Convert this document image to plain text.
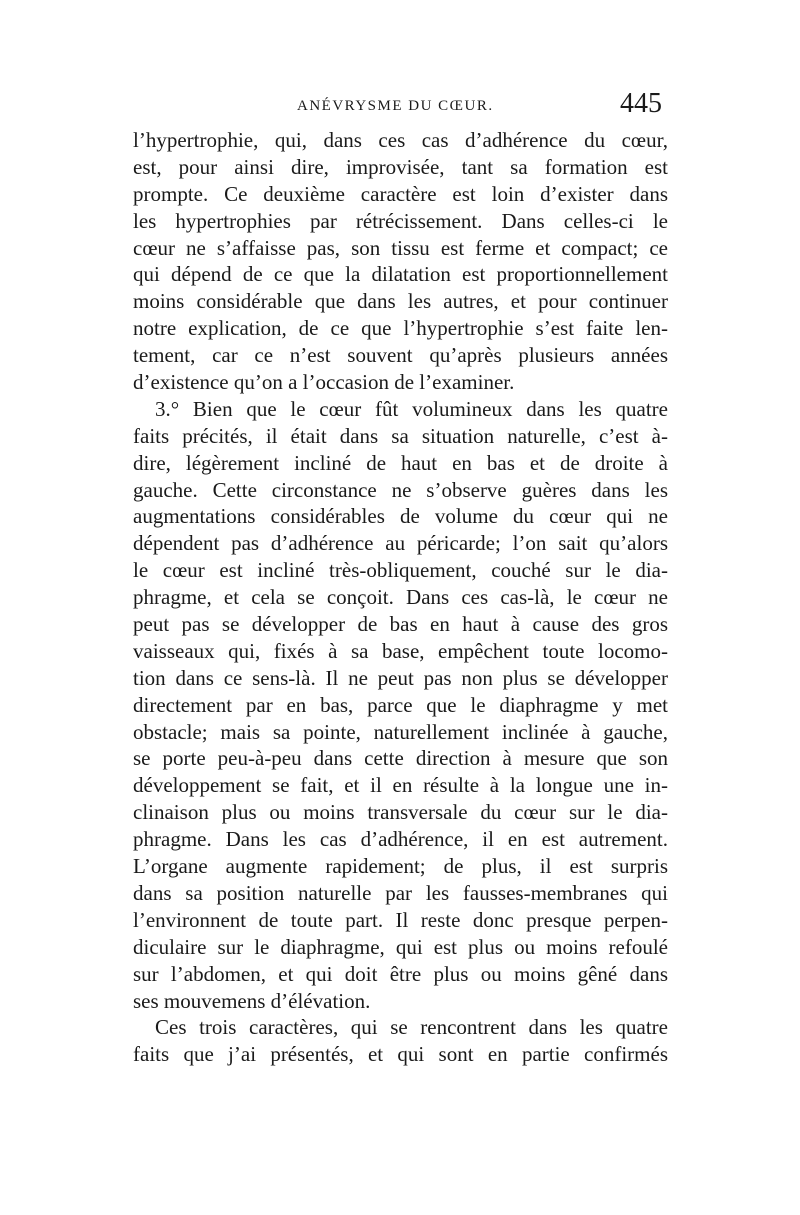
ANÉVRYSME DU CŒUR.	445
l’hypertrophie, qui, dans ces cas d’adhérence du cœur,
est, pour ainsi dire, improvisée, tant sa formation est
prompte. Ce deuxième caractère est loin d’exister dans
les hypertrophies par rétrécissement. Dans celles-ci le
cœur ne s’affaisse pas, son tissu est ferme et compact; ce
qui dépend de ce que la dilatation est proportionnellement
moins considérable que dans les autres, et pour continuer
notre explication, de ce que l’hypertrophie s’est faite len-
tement, car ce n’est souvent qu’après plusieurs années
d’existence qu’on a l’occasion de l’examiner.
3.° Bien que le cœur fût volumineux dans les quatre
faits précités, il était dans sa situation naturelle, c’est à-
dire, légèrement incliné de haut en bas et de droite à
gauche. Cette circonstance ne s’observe guères dans les
augmentations considérables de volume du cœur qui ne
dépendent pas d’adhérence au péricarde; l’on sait qu’alors
le cœur est incliné très-obliquement, couché sur le dia-
phragme, et cela se conçoit. Dans ces cas-là, le cœur ne
peut pas se développer de bas en haut à cause des gros
vaisseaux qui, fixés à sa base, empêchent toute locomo-
tion dans ce sens-là. Il ne peut pas non plus se développer
directement par en bas, parce que le diaphragme y met
obstacle; mais sa pointe, naturellement inclinée à gauche,
se porte peu-à-peu dans cette direction à mesure que son
développement se fait, et il en résulte à la longue une in-
clinaison plus ou moins transversale du cœur sur le dia-
phragme. Dans les cas d’adhérence, il en est autrement.
L’organe augmente rapidement; de plus, il est surpris
dans sa position naturelle par les fausses-membranes qui
l’environnent de toute part. Il reste donc presque perpen-
diculaire sur le diaphragme, qui est plus ou moins refoulé
sur l’abdomen, et qui doit être plus ou moins gêné dans
ses mouvemens d’élévation.
Ces trois caractères, qui se rencontrent dans les quatre
faits que j’ai présentés, et qui sont en partie confirmés
